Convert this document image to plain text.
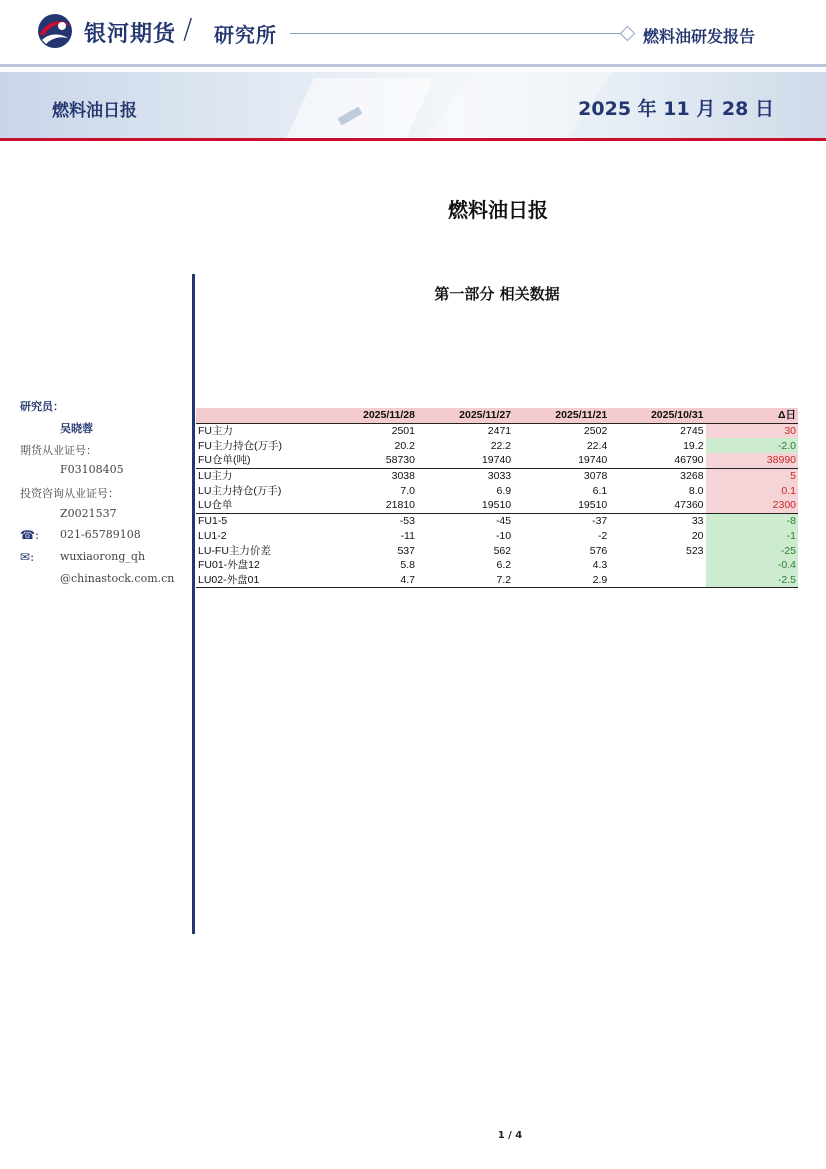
银河期货 / 研究所	燃料油研发报告
燃料油日报	2025 年 11 月 28 日
燃料油日报
第一部分 相关数据
研究员：
吴晓蓉
期货从业证号：
F03108405
投资咨询从业证号：
Z0021537
☎: 021-65789108
✉:	wuxiaorong_qh
@chinastock.com.cn
	2025/11/28	2025/11/27	2025/11/21	2025/10/31	Δ日
FU主力	2501	2471	2502	2745	30
FU主力持仓(万手)	20.2	22.2	22.4	19.2	-2.0
FU仓单(吨)	58730	19740	19740	46790	38990
LU主力	3038	3033	3078	3268	5
LU主力持仓(万手)	7.0	6.9	6.1	8.0	0.1
LU仓单	21810	19510	19510	47360	2300
FU1-5	-53	-45	-37	33	-8
LU1-2	-11	-10	-2	20	-1
LU-FU主力价差	537	562	576	523	-25
FU01-外盘12	5.8	6.2	4.3		-0.4
LU02-外盘01	4.7	7.2	2.9		-2.5
1 / 4
